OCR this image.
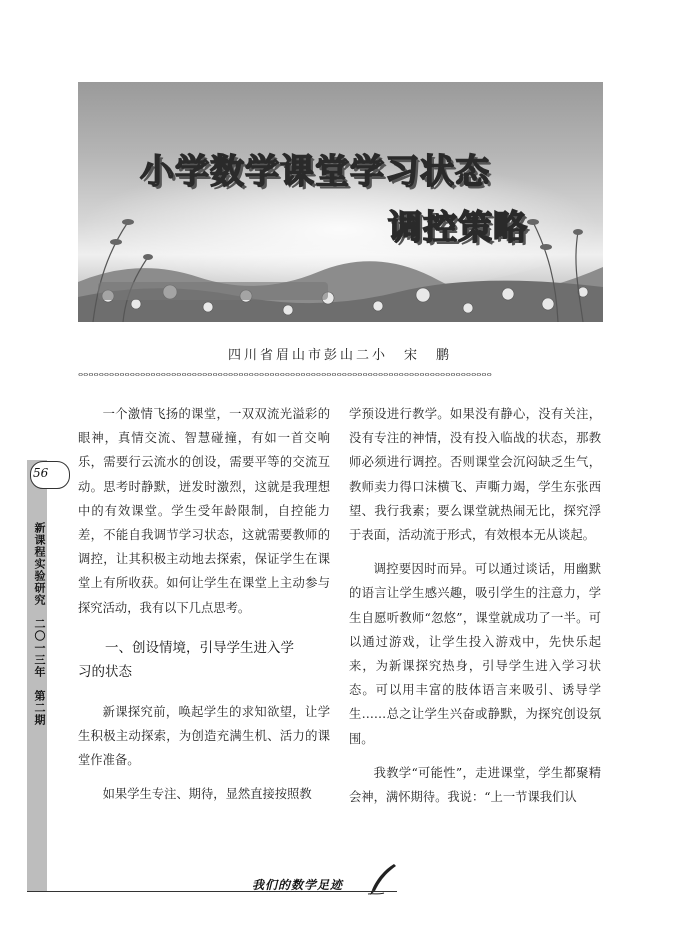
小学数学课堂学习状态
调控策略
四川省眉山市彭山二小　宋　鹏
ⴰⴰⴰⴰⴰⴰⴰⴰⴰⴰⴰⴰⴰⴰⴰⴰⴰⴰⴰⴰⴰⴰⴰⴰⴰⴰⴰⴰⴰⴰⴰⴰⴰⴰⴰⴰⴰⴰⴰⴰⴰⴰⴰⴰⴰⴰⴰⴰⴰⴰⴰⴰⴰⴰⴰⴰⴰⴰⴰⴰⴰⴰⴰⴰⴰⴰⴰⴰⴰⴰⴰⴰⴰⴰⴰⴰⴰⴰⴰⴰ

一个激情飞扬的课堂，一双双流光溢彩的眼神，真情交流、智慧碰撞，有如一首交响乐，需要行云流水的创设，需要平等的交流互动。思考时静默，迸发时激烈，这就是我理想中的有效课堂。学生受年龄限制，自控能力差，不能自我调节学习状态，这就需要教师的调控，让其积极主动地去探索，保证学生在课堂上有所收获。如何让学生在课堂上主动参与探究活动，我有以下几点思考。

一、创设情境，引导学生进入学
习的状态

新课探究前，唤起学生的求知欲望，让学生积极主动探索，为创造充满生机、活力的课堂作准备。

如果学生专注、期待，显然直接按照教

学预设进行教学。如果没有静心，没有关注，没有专注的神情，没有投入临战的状态，那教师必须进行调控。否则课堂会沉闷缺乏生气，教师卖力得口沫横飞、声嘶力竭，学生东张西望、我行我素；要么课堂就热闹无比，探究浮于表面，活动流于形式，有效根本无从谈起。

调控要因时而异。可以通过谈话，用幽默的语言让学生感兴趣，吸引学生的注意力，学生自愿听教师“忽悠”，课堂就成功了一半。可以通过游戏，让学生投入游戏中，先快乐起来，为新课探究热身，引导学生进入学习状态。可以用丰富的肢体语言来吸引、诱导学生……总之让学生兴奋或静默，为探究创设氛围。

我教学“可能性”，走进课堂，学生都聚精会神，满怀期待。我说：“上一节课我们认

56
新课程实验研究　二〇一三年　第二期
我们的数学足迹
